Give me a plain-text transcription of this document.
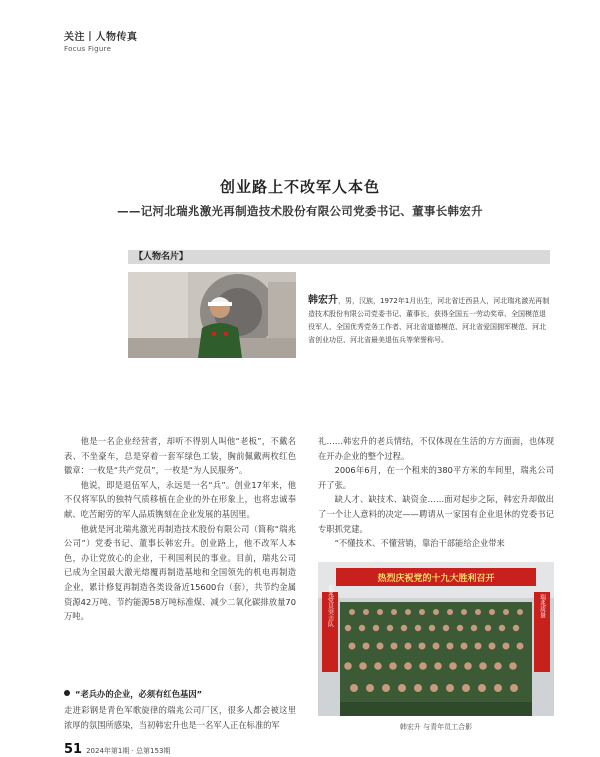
关注丨人物传真
Focus Figure
创业路上不改军人本色
——记河北瑞兆激光再制造技术股份有限公司党委书记、董事长韩宏升
【人物名片】
韩宏升，男，汉族，1972年1月出生，河北省迁西县人，河北瑞兆激光再制造技术股份有限公司党委书记、董事长，获得全国五一劳动奖章、全国模范退役军人、全国优秀党务工作者、河北省道德模范、河北省爱国拥军模范、河北省创业功臣、河北省最美退伍兵等荣誉称号。

他是一名企业经营者，却听不得别人叫他“老板”，不戴名表、不坐豪车，总是穿着一套军绿色工装，胸前佩戴两枚红色徽章：一枚是“共产党员”，一枚是“为人民服务”。

他说，即是退伍军人，永远是一名“兵”。创业17年来，他不仅将军队的独特气质移植在企业的外在形象上，也将忠诚奉献、吃苦耐劳的军人品质镌刻在企业发展的基因里。

他就是河北瑞兆激光再制造技术股份有限公司（简称“瑞兆公司”）党委书记、董事长韩宏升。创业路上，他不改军人本色，办让党放心的企业，干利国利民的事业。目前，瑞兆公司已成为全国最大激光熔覆再制造基地和全国领先的机电再制造企业，累计修复再制造各类设备近15600台（套），共节约金属资源42万吨、节约能源58万吨标准煤、减少二氧化碳排放量70万吨。

“老兵办的企业，必须有红色基因”
走进彩钢是青色军歌旋律的瑞兆公司厂区，很多人都会被这里浓厚的氛围所感染，当初韩宏升也是一名军人正在标准的军

礼……韩宏升的老兵情结，不仅体现在生活的方方面面，也体现在开办企业的整个过程。

2006年6月，在一个租来的380平方米的车间里，瑞兆公司开了张。

缺人才、缺技术、缺资金……面对起步之际，韩宏升却做出了一个让人意料的决定——聘请从一家国有企业退休的党委书记专职抓党建。

“不懂技术、不懂营销，靠治干部能给企业带来

热烈庆祝党的十九大胜利召开
瑞兆党员突击队	瑞兆质量
韩宏升 与青年员工合影
51 2024年第1期 · 总第153期
